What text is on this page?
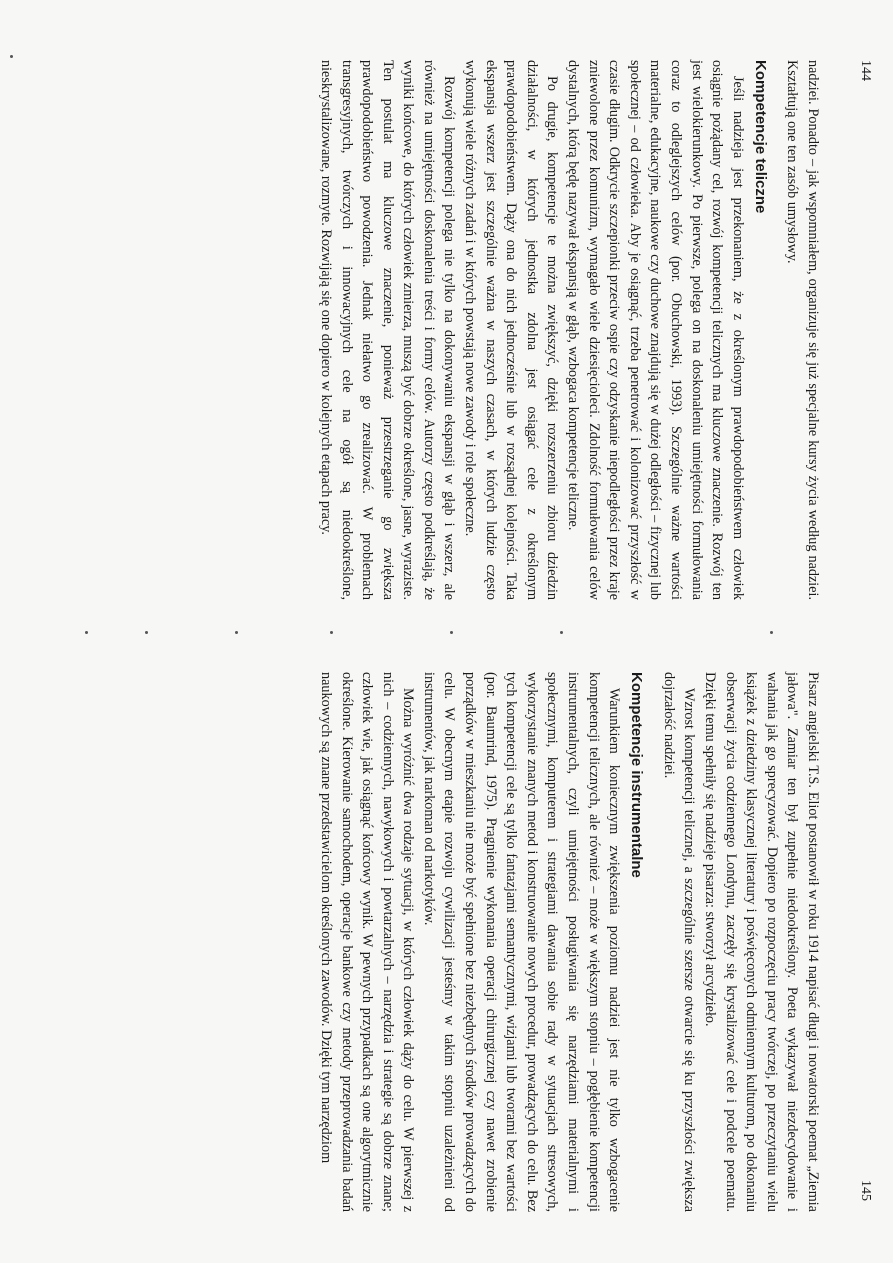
144
145

nadziei. Ponadto – jak wspomniałem, organizuje się już specjalne kursy życia według nadziei. Kształtują one ten zasób umysłowy.

Kompetencje teliczne

Jeśli nadzieja jest przekonaniem, że z określonym prawdopodobieństwem człowiek osiągnie pożądany cel, rozwój kompetencji telicznych ma kluczowe znaczenie. Rozwój ten jest wielokierunkowy. Po pierwsze, polega on na doskonaleniu umiejętności formułowania coraz to odleglejszych celów (por. Obuchowski, 1993). Szczególnie ważne wartości materialne, edukacyjne, naukowe czy duchowe znajdują się w dużej odległości – fizycznej lub społecznej – od człowieka. Aby je osiągnąć, trzeba penetrować i kolonizować przyszłość w czasie długim. Odkrycie szczepionki przeciw ospie czy odzyskanie niepodległości przez kraje zniewolone przez komunizm, wymagało wiele dziesięcioleci. Zdolność formułowania celów dystalnych, którą będę nazywał ekspansją w głąb, wzbogaca kompetencje teliczne.

Po drugie, kompetencje te można zwiększyć, dzięki rozszerzeniu zbioru dziedzin działalności, w których jednostka zdolna jest osiągać cele z określonym prawdopodobieństwem. Dąży ona do nich jednocześnie lub w rozsądnej kolejności. Taka ekspansja wszerz jest szczególnie ważna w naszych czasach, w których ludzie często wykonują wiele różnych zadań i w których powstają nowe zawody i role społeczne.

Rozwój kompetencji polega nie tylko na dokonywaniu ekspansji w głąb i wszerz, ale również na umiejętności doskonalenia treści i formy celów. Autorzy często podkreślają, że wyniki końcowe, do których człowiek zmierza, muszą być dobrze określone, jasne, wyraziste. Ten postulat ma kluczowe znaczenie, ponieważ przestrzeganie go zwiększa prawdopodobieństwo powodzenia. Jednak niełatwo go zrealizować. W problemach transgresyjnych, twórczych i innowacyjnych cele na ogół są niedookreślone, nieskrystalizowane, rozmyte. Rozwijają się one dopiero w kolejnych etapach pracy.

Pisarz angielski T.S. Eliot postanowił w roku 1914 napisać długi i nowatorski poemat „Ziemia jałowa". Zamiar ten był zupełnie niedookreślony. Poeta wykazywał niezdecydowanie i wahania jak go sprecyzować. Dopiero po rozpoczęciu pracy twórczej, po przeczytaniu wielu książek z dziedziny klasycznej literatury i poświęconych odmiennym kulturom, po dokonaniu obserwacji życia codziennego Londynu, zaczęły się krystalizować cele i podcele poematu. Dzięki temu spełniły się nadzieje pisarza: stworzył arcydzieło.

Wzrost kompetencji telicznej, a szczególnie szersze otwarcie się ku przyszłości zwiększa dojrzałość nadziei.

Kompetencje instrumentalne

Warunkiem koniecznym zwiększenia poziomu nadziei jest nie tylko wzbogacenie kompetencji telicznych, ale również – może w większym stopniu – pogłębienie kompetencji instrumentalnych, czyli umiejętności posługiwania się narzędziami materialnymi i społecznymi, komputerem i strategiami dawania sobie rady w sytuacjach stresowych, wykorzystanie znanych metod i konstruowanie nowych procedur, prowadzących do celu. Bez tych kompetencji cele są tylko fantazjami semantycznymi, wizjami lub tworami bez wartości (por. Baumrind, 1975). Pragnienie wykonania operacji chirurgicznej czy nawet zrobienie porządków w mieszkaniu nie może być spełnione bez niezbędnych środków prowadzących do celu. W obecnym etapie rozwoju cywilizacji jesteśmy w takim stopniu uzależnieni od instrumentów, jak narkoman od narkotyków.

Można wyróżnić dwa rodzaje sytuacji, w których człowiek dąży do celu. W pierwszej z nich – codziennych, nawykowych i powtarzalnych – narzędzia i strategie są dobrze znane; człowiek wie, jak osiągnąć końcowy wynik. W pewnych przypadkach są one algorytmicznie określone. Kierowanie samochodem, operacje bankowe czy metody przeprowadzania badań naukowych są znane przedstawicielom określonych zawodów. Dzięki tym narzędziom
